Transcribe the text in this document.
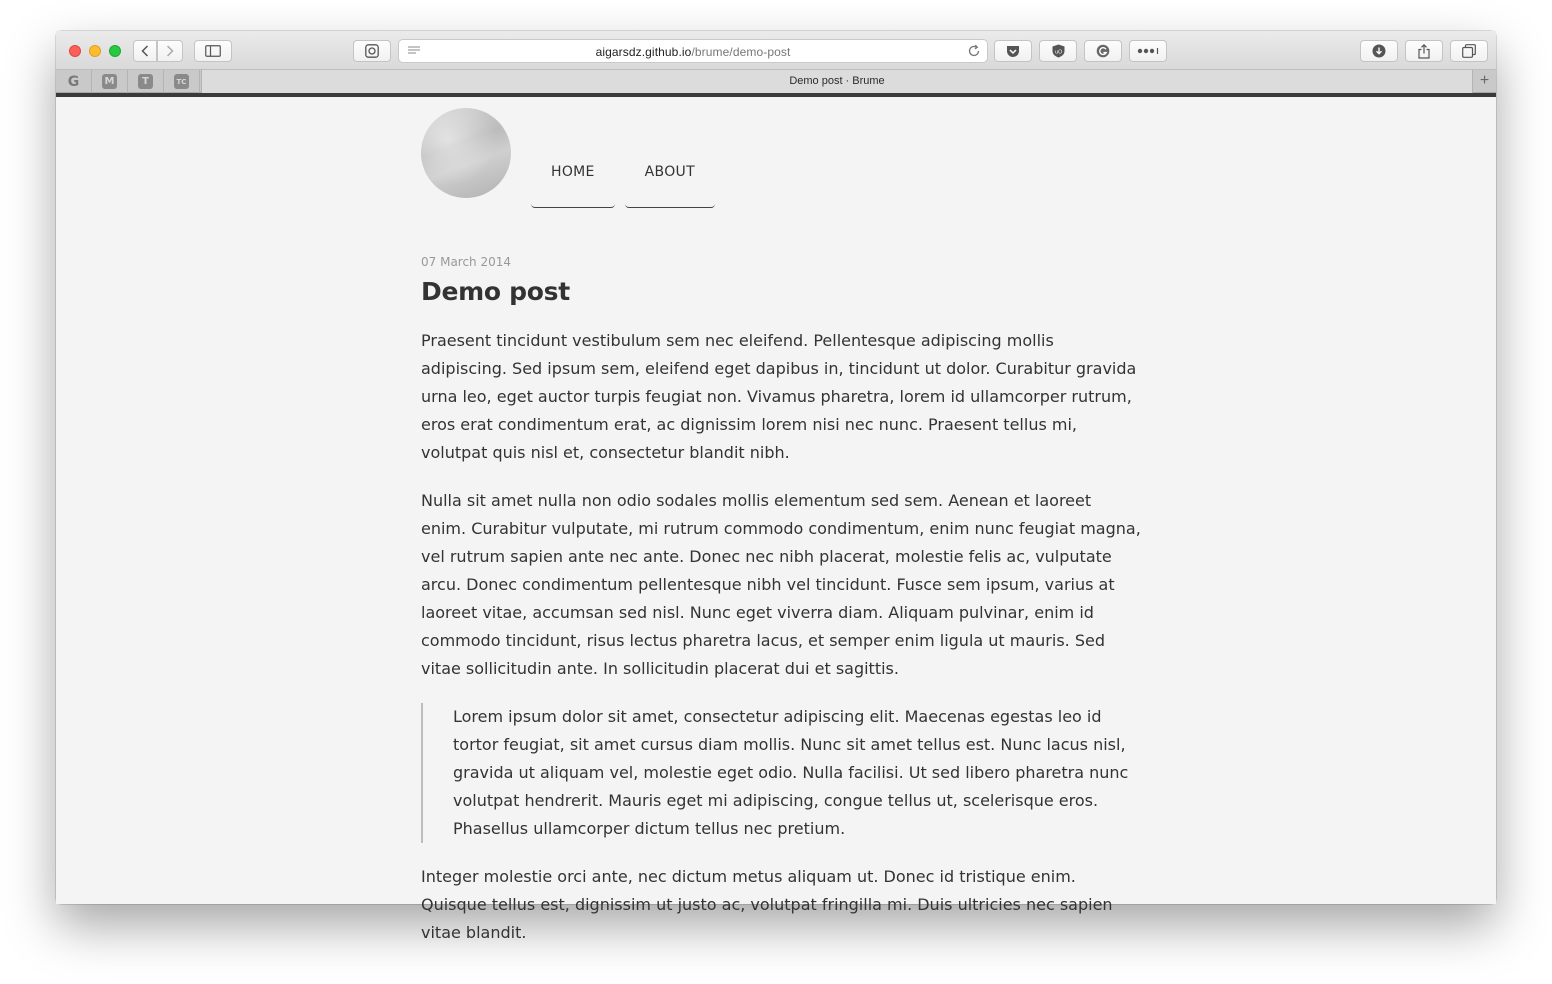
aigarsdz.github.io/brume/demo-post	uO
G	M	T	TC	Demo post · Brume	+
HOME	ABOUT
07 March 2014
Demo post

Praesent tincidunt vestibulum sem nec eleifend. Pellentesque adipiscing mollis adipiscing. Sed ipsum sem, eleifend eget dapibus in, tincidunt ut dolor. Curabitur gravida urna leo, eget auctor turpis feugiat non. Vivamus pharetra, lorem id ullamcorper rutrum, eros erat condimentum erat, ac dignissim lorem nisi nec nunc. Praesent tellus mi, volutpat quis nisl et, consectetur blandit nibh.

Nulla sit amet nulla non odio sodales mollis elementum sed sem. Aenean et laoreet enim. Curabitur vulputate, mi rutrum commodo condimentum, enim nunc feugiat magna, vel rutrum sapien ante nec ante. Donec nec nibh placerat, molestie felis ac, vulputate arcu. Donec condimentum pellentesque nibh vel tincidunt. Fusce sem ipsum, varius at laoreet vitae, accumsan sed nisl. Nunc eget viverra diam. Aliquam pulvinar, enim id commodo tincidunt, risus lectus pharetra lacus, et semper enim ligula ut mauris. Sed vitae sollicitudin ante. In sollicitudin placerat dui et sagittis.

Lorem ipsum dolor sit amet, consectetur adipiscing elit. Maecenas egestas leo id tortor feugiat, sit amet cursus diam mollis. Nunc sit amet tellus est. Nunc lacus nisl, gravida ut aliquam vel, molestie eget odio. Nulla facilisi. Ut sed libero pharetra nunc volutpat hendrerit. Mauris eget mi adipiscing, congue tellus ut, scelerisque eros. Phasellus ullamcorper dictum tellus nec pretium.

Integer molestie orci ante, nec dictum metus aliquam ut. Donec id tristique enim. Quisque tellus est, dignissim ut justo ac, volutpat fringilla mi. Duis ultricies nec sapien vitae blandit.
